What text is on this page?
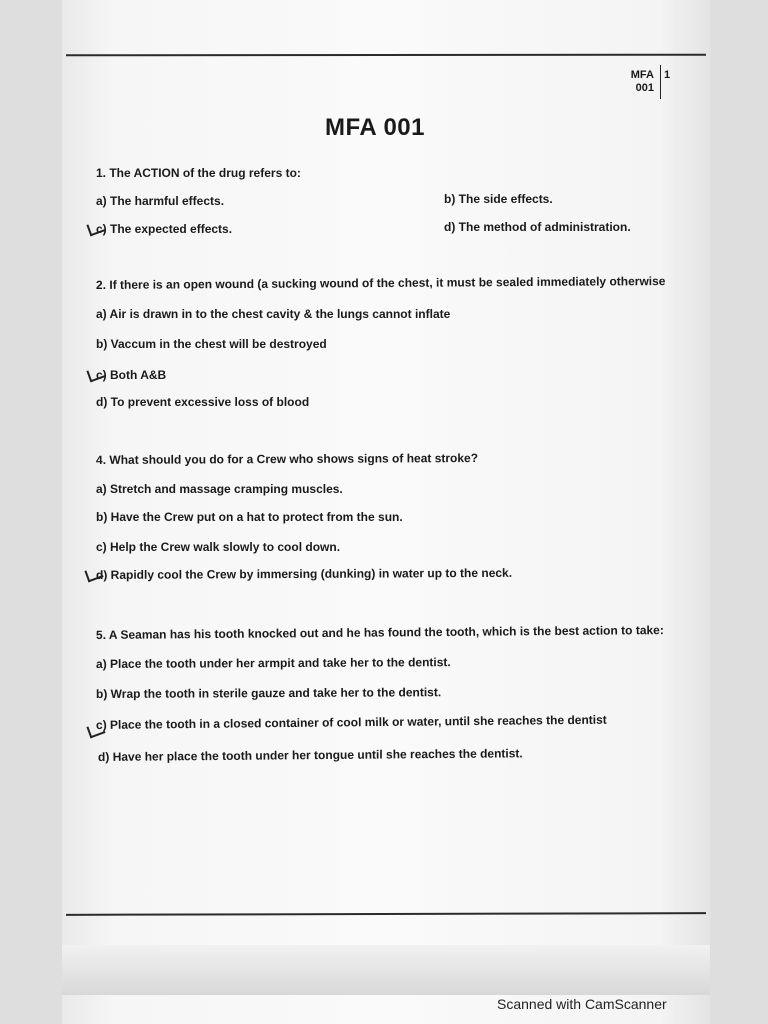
MFA
001
1
MFA 001
1. The ACTION of the drug refers to:
a) The harmful effects.	b) The side effects.
c) The expected effects.	d) The method of administration.
2. If there is an open wound (a sucking wound of the chest, it must be sealed immediately otherwise
a) Air is drawn in to the chest cavity & the lungs cannot inflate
b) Vaccum in the chest will be destroyed
c) Both A&B
d) To prevent excessive loss of blood
4. What should you do for a Crew who shows signs of heat stroke?
a) Stretch and massage cramping muscles.
b) Have the Crew put on a hat to protect from the sun.
c) Help the Crew walk slowly to cool down.
d) Rapidly cool the Crew by immersing (dunking) in water up to the neck.
5. A Seaman has his tooth knocked out and he has found the tooth, which is the best action to take:
a) Place the tooth under her armpit and take her to the dentist.
b) Wrap the tooth in sterile gauze and take her to the dentist.
c) Place the tooth in a closed container of cool milk or water, until she reaches the dentist
d) Have her place the tooth under her tongue until she reaches the dentist.
Scanned with CamScanner
